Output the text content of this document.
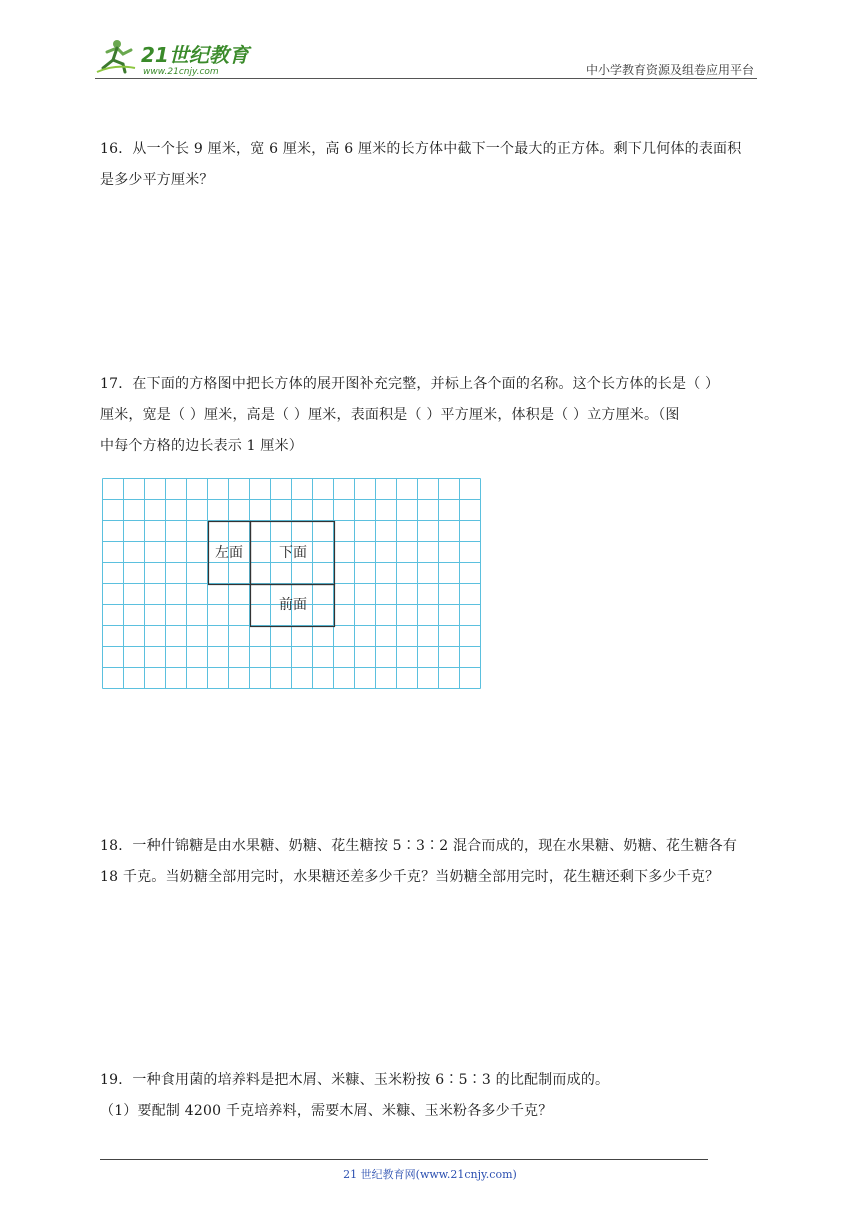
21世纪教育
www.21cnjy.com	中小学教育资源及组卷应用平台

16．从一个长 9 厘米，宽 6 厘米，高 6 厘米的长方体中截下一个最大的正方体。剩下几何体的表面积

是多少平方厘米？

17．在下面的方格图中把长方体的展开图补充完整，并标上各个面的名称。这个长方体的长是（ ）

厘米，宽是（ ）厘米，高是（ ）厘米，表面积是（ ）平方厘米，体积是（ ）立方厘米。（图

中每个方格的边长表示 1 厘米）

左面	下面
前面

18．一种什锦糖是由水果糖、奶糖、花生糖按 5∶3∶2 混合而成的，现在水果糖、奶糖、花生糖各有

18 千克。当奶糖全部用完时，水果糖还差多少千克？当奶糖全部用完时，花生糖还剩下多少千克？

19．一种食用菌的培养料是把木屑、米糠、玉米粉按 6∶5∶3 的比配制而成的。

（1）要配制 4200 千克培养料，需要木屑、米糠、玉米粉各多少千克？

21 世纪教育网(www.21cnjy.com)
